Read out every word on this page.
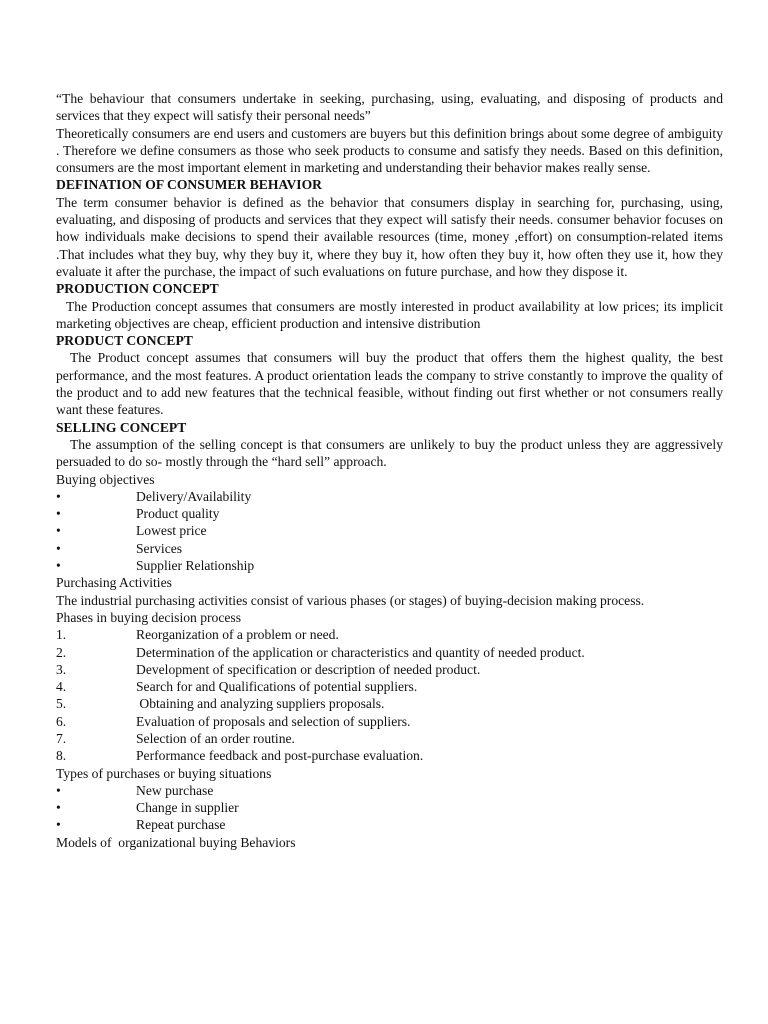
“The behaviour that consumers undertake in seeking, purchasing, using, evaluating, and disposing of products and services that they expect will satisfy their personal needs”

Theoretically consumers are end users and customers are buyers but this definition brings about some degree of ambiguity . Therefore we define consumers as those who seek products to consume and satisfy they needs. Based on this definition, consumers are the most important element in marketing and understanding their behavior makes really sense.

DEFINATION OF CONSUMER BEHAVIOR

The term consumer behavior is defined as the behavior that consumers display in searching for, purchasing, using, evaluating, and disposing of products and services that they expect will satisfy their needs. consumer behavior focuses on how individuals make decisions to spend their available resources (time, money ,effort) on consumption-related items .That includes what they buy, why they buy it, where they buy it, how often they buy it, how often they use it, how they evaluate it after the purchase, the impact of such evaluations on future purchase, and how they dispose it.

PRODUCTION CONCEPT

The Production concept assumes that consumers are mostly interested in product availability at low prices; its implicit marketing objectives are cheap, efficient production and intensive distribution

PRODUCT CONCEPT

The Product concept assumes that consumers will buy the product that offers them the highest quality, the best performance, and the most features. A product orientation leads the company to strive constantly to improve the quality of the product and to add new features that the technical feasible, without finding out first whether or not consumers really want these features.

SELLING CONCEPT

The assumption of the selling concept is that consumers are unlikely to buy the product unless they are aggressively persuaded to do so- mostly through the “hard sell” approach.

Buying objectives

•	Delivery/Availability
•	Product quality
•	Lowest price
•	Services
•	Supplier Relationship

Purchasing Activities

The industrial purchasing activities consist of various phases (or stages) of buying-decision making process.

Phases in buying decision process

1.	Reorganization of a problem or need.
2.	Determination of the application or characteristics and quantity of needed product.
3.	Development of specification or description of needed product.
4.	Search for and Qualifications of potential suppliers.
5.	Obtaining and analyzing suppliers proposals.
6.	Evaluation of proposals and selection of suppliers.
7.	Selection of an order routine.
8.	Performance feedback and post-purchase evaluation.

Types of purchases or buying situations

•	New purchase
•	Change in supplier
•	Repeat purchase

Models of  organizational buying Behaviors
